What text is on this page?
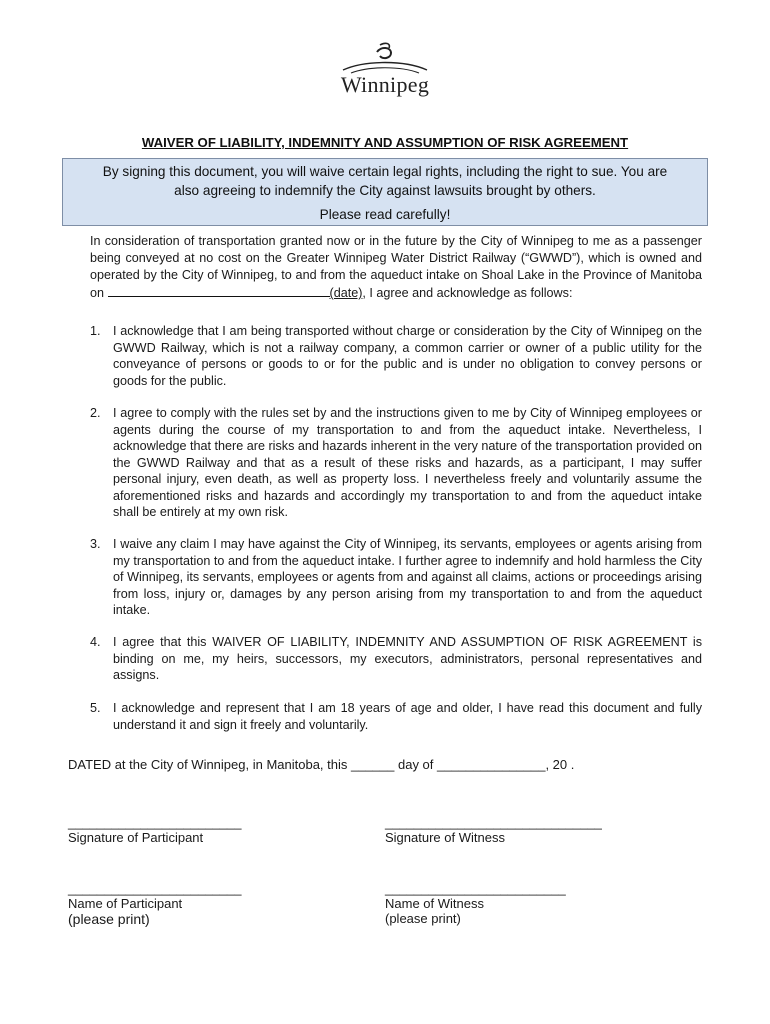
Winnipeg
WAIVER OF LIABILITY, INDEMNITY AND ASSUMPTION OF RISK AGREEMENT
By signing this document, you will waive certain legal rights, including the right to sue. You are
also agreeing to indemnify the City against lawsuits brought by others.
Please read carefully!
In consideration of transportation granted now or in the future by the City of Winnipeg to me as a passenger being conveyed at no cost on the Greater Winnipeg Water District Railway (“GWWD”), which is owned and operated by the City of Winnipeg, to and from the aqueduct intake on Shoal Lake in the Province of Manitoba on	(date), I agree and acknowledge as follows:
1. I acknowledge that I am being transported without charge or consideration by the City of Winnipeg on the GWWD Railway, which is not a railway company, a common carrier or owner of a public utility for the conveyance of persons or goods to or for the public and is under no obligation to convey persons or goods for the public.
2. I agree to comply with the rules set by and the instructions given to me by City of Winnipeg employees or agents during the course of my transportation to and from the aqueduct intake. Nevertheless, I acknowledge that there are risks and hazards inherent in the very nature of the transportation provided on the GWWD Railway and that as a result of these risks and hazards, as a participant, I may suffer personal injury, even death, as well as property loss. I nevertheless freely and voluntarily assume the aforementioned risks and hazards and accordingly my transportation to and from the aqueduct intake shall be entirely at my own risk.
3. I waive any claim I may have against the City of Winnipeg, its servants, employees or agents arising from my transportation to and from the aqueduct intake. I further agree to indemnify and hold harmless the City of Winnipeg, its servants, employees or agents from and against all claims, actions or proceedings arising from loss, injury or, damages by any person arising from my transportation to and from the aqueduct intake.
4. I agree that this WAIVER OF LIABILITY, INDEMNITY AND ASSUMPTION OF RISK AGREEMENT is binding on me, my heirs, successors, my executors, administrators, personal representatives and assigns.
5. I acknowledge and represent that I am 18 years of age and older, I have read this document and fully understand it and sign it freely and voluntarily.
DATED at the City of Winnipeg, in Manitoba, this ______ day of _______________, 20 .
________________________
Signature of Participant
______________________________
Signature of Witness
________________________
Name of Participant
(please print)
_________________________
Name of Witness
(please print)
